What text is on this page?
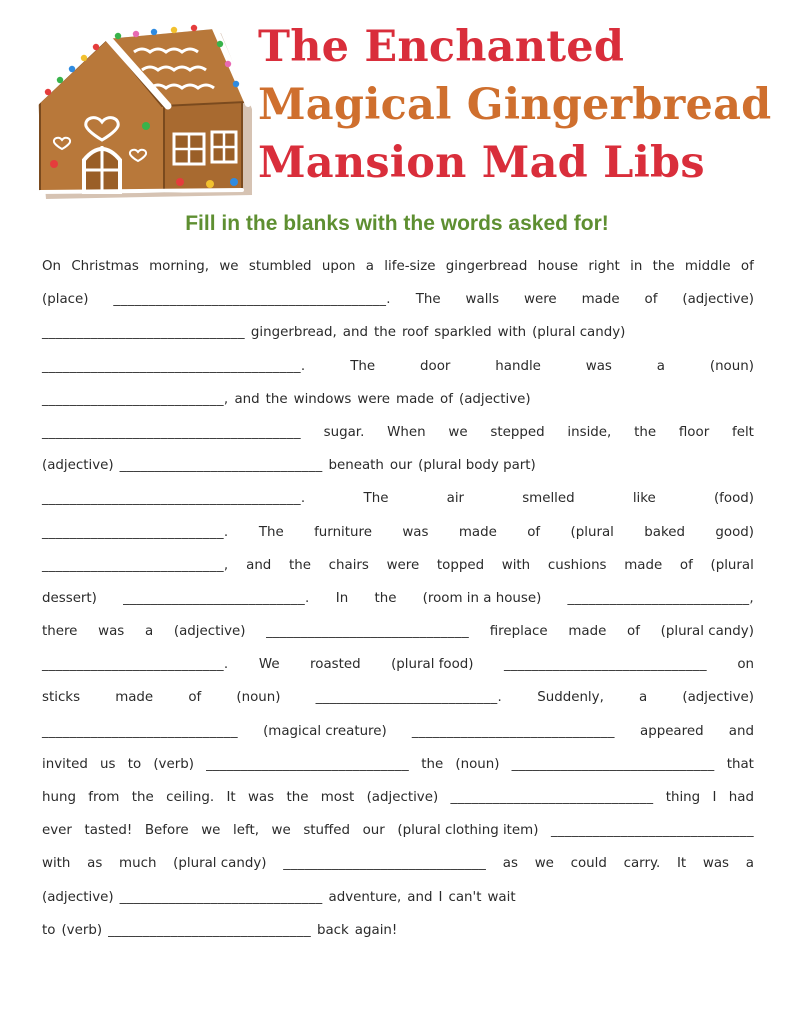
The Enchanted
Magical Gingerbread
Mansion Mad Libs
Fill in the blanks with the words asked for!
On Christmas morning, we stumbled upon a life-size gingerbread house right in the middle of
(place) _______________________________________. The walls were made of (adjective)
_____________________________ gingerbread, and the roof sparkled with (plural candy)
_____________________________________.	The	door	handle	was	a	(noun)
__________________________, and the windows were made of (adjective)
_____________________________________ sugar. When we stepped inside, the floor felt
(adjective) _____________________________ beneath our (plural body part)
_____________________________________.	The	air	smelled	like	(food)
__________________________. The furniture was made of (plural baked good)
__________________________, and the chairs were topped with cushions made of (plural
dessert) __________________________. In the (room in a house) __________________________,
there was a (adjective) _____________________________ fireplace made of (plural candy)
__________________________. We roasted (plural food) _____________________________ on
sticks	made	of	(noun)	__________________________.	Suddenly,	a	(adjective)
____________________________ (magical creature) _____________________________ appeared and
invited us to (verb) _____________________________ the (noun) _____________________________ that
hung from the ceiling. It was the most (adjective) _____________________________ thing I had
ever tasted! Before we left, we stuffed our (plural clothing item) _____________________________
with as much (plural candy) _____________________________ as we could carry. It was a
(adjective) _____________________________ adventure, and I can't wait
to (verb) _____________________________ back again!
